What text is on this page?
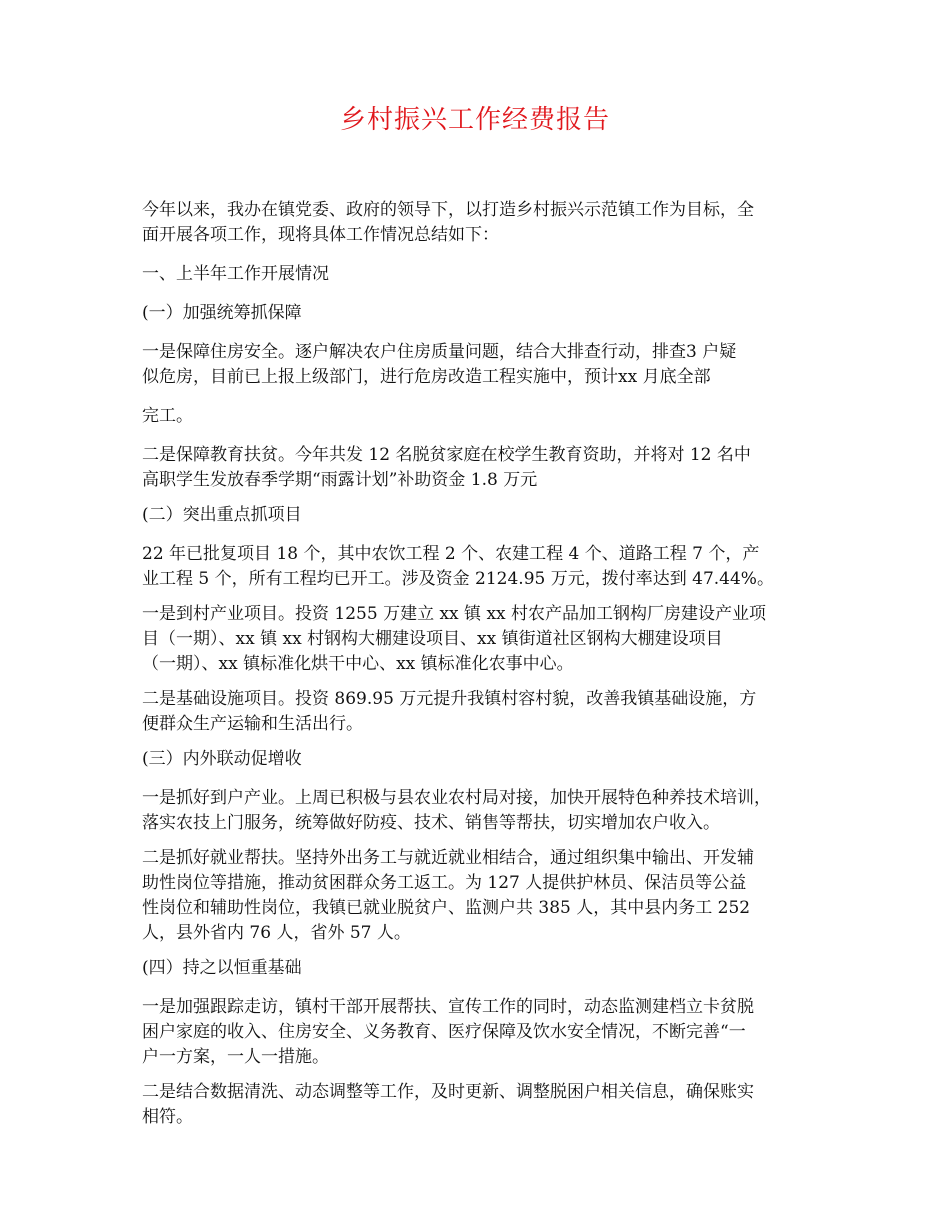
乡村振兴工作经费报告

今年以来，我办在镇党委、政府的领导下，以打造乡村振兴示范镇工作为目标，全
面开展各项工作，现将具体工作情况总结如下：

一、上半年工作开展情况

(一）加强统筹抓保障

一是保障住房安全。逐户解决农户住房质量问题，结合大排查行动，排查3 户疑
似危房，目前已上报上级部门，进行危房改造工程实施中，预计xx 月底全部

完工。

二是保障教育扶贫。今年共发 12 名脱贫家庭在校学生教育资助，并将对 12 名中
高职学生发放春季学期“雨露计划”补助资金 1.8 万元

(二）突出重点抓项目

22 年已批复项目 18 个，其中农饮工程 2 个、农建工程 4 个、道路工程 7 个，产
业工程 5 个，所有工程均已开工。涉及资金 2124.95 万元，拨付率达到 47.44%。

一是到村产业项目。投资 1255 万建立 xx 镇 xx 村农产品加工钢构厂房建设产业项
目（一期）、xx 镇 xx 村钢构大棚建设项目、xx 镇街道社区钢构大棚建设项目
（一期）、xx 镇标准化烘干中心、xx 镇标准化农事中心。

二是基础设施项目。投资 869.95 万元提升我镇村容村貌，改善我镇基础设施，方
便群众生产运输和生活出行。

(三）内外联动促增收

一是抓好到户产业。上周已积极与县农业农村局对接，加快开展特色种养技术培训，
落实农技上门服务，统筹做好防疫、技术、销售等帮扶，切实增加农户收入。

二是抓好就业帮扶。坚持外出务工与就近就业相结合，通过组织集中输出、开发辅
助性岗位等措施，推动贫困群众务工返工。为 127 人提供护林员、保洁员等公益
性岗位和辅助性岗位，我镇已就业脱贫户、监测户共 385 人，其中县内务工 252
人，县外省内 76 人，省外 57 人。

(四）持之以恒重基础

一是加强跟踪走访，镇村干部开展帮扶、宣传工作的同时，动态监测建档立卡贫脱
困户家庭的收入、住房安全、义务教育、医疗保障及饮水安全情况，不断完善“一
户一方案，一人一措施。

二是结合数据清洗、动态调整等工作，及时更新、调整脱困户相关信息，确保账实
相符。
